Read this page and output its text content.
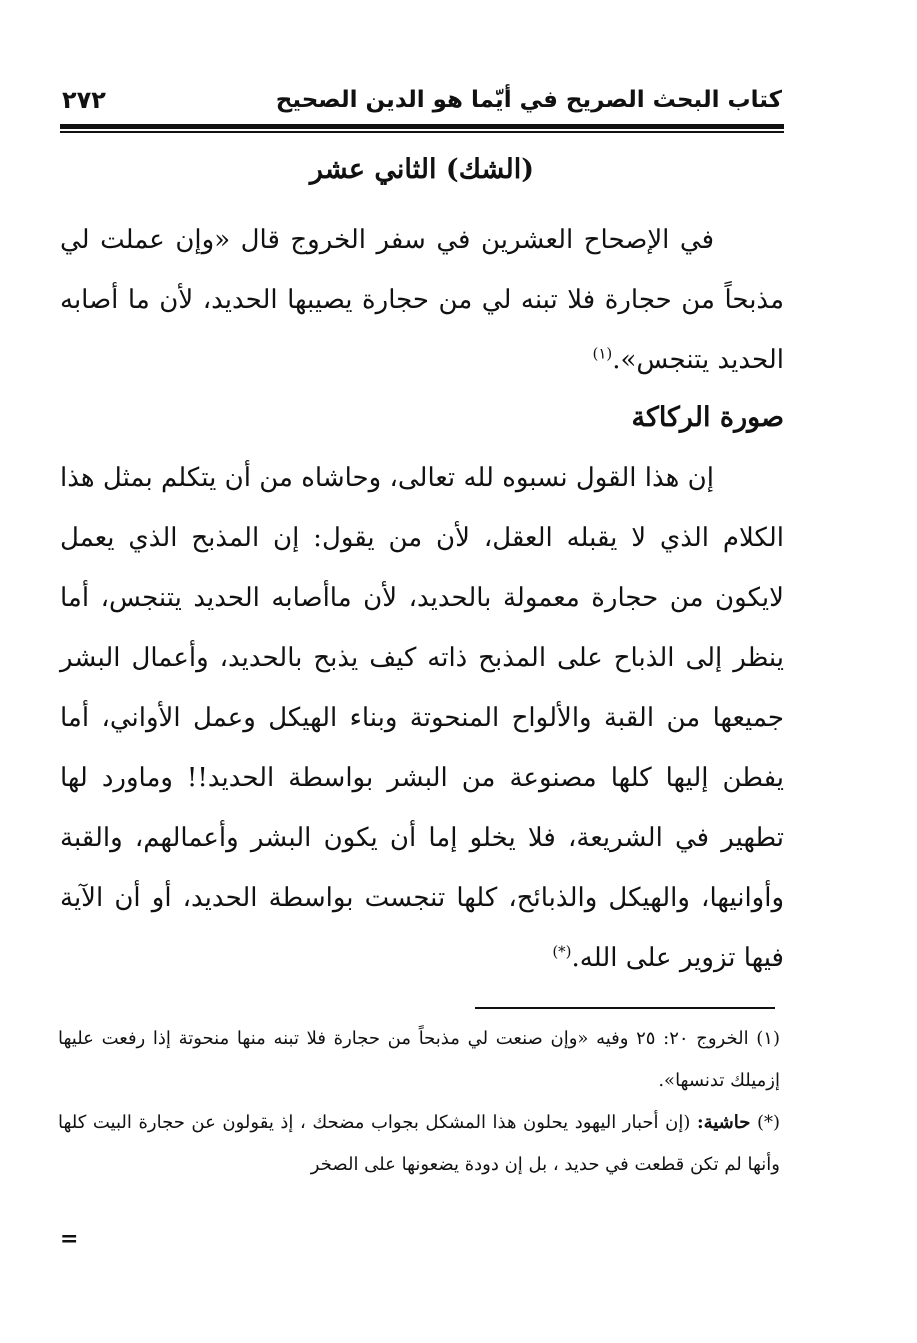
كتاب البحث الصريح في أيّما هو الدين الصحيح
٢٧٢
(الشك) الثاني عشر
في الإصحاح العشرين في سفر الخروج قال «وإن عملت لي مذبحاً من حجارة فلا تبنه لي من حجارة يصيبها الحديد، لأن ما أصابه الحديد يتنجس».$^{(١)}$
صورة الركاكة
إن هذا القول نسبوه لله تعالى، وحاشاه من أن يتكلم بمثل هذا الكلام الذي لا يقبله العقل، لأن من يقول: إن المذبح الذي يعمل لايكون من حجارة معمولة بالحديد، لأن ماأصابه الحديد يتنجس، أما ينظر إلى الذباح على المذبح ذاته كيف يذبح بالحديد، وأعمال البشر جميعها من القبة والألواح المنحوتة وبناء الهيكل وعمل الأواني، أما يفطن إليها كلها مصنوعة من البشر بواسطة الحديد!! وماورد لها تطهير في الشريعة، فلا يخلو إما أن يكون البشر وأعمالهم، والقبة وأوانيها، والهيكل والذبائح، كلها تنجست بواسطة الحديد، أو أن الآية فيها تزوير على الله.(*)

(١) الخروج ٢٠: ٢٥ وفيه «وإن صنعت لي مذبحاً من حجارة فلا تبنه منها منحوتة إذا رفعت عليها إزميلك تدنسها».

(*) حاشية: (إن أحبار اليهود يحلون هذا المشكل بجواب مضحك ، إذ يقولون عن حجارة البيت كلها وأنها لم تكن قطعت في حديد ، بل إن دودة يضعونها على الصخر

=
